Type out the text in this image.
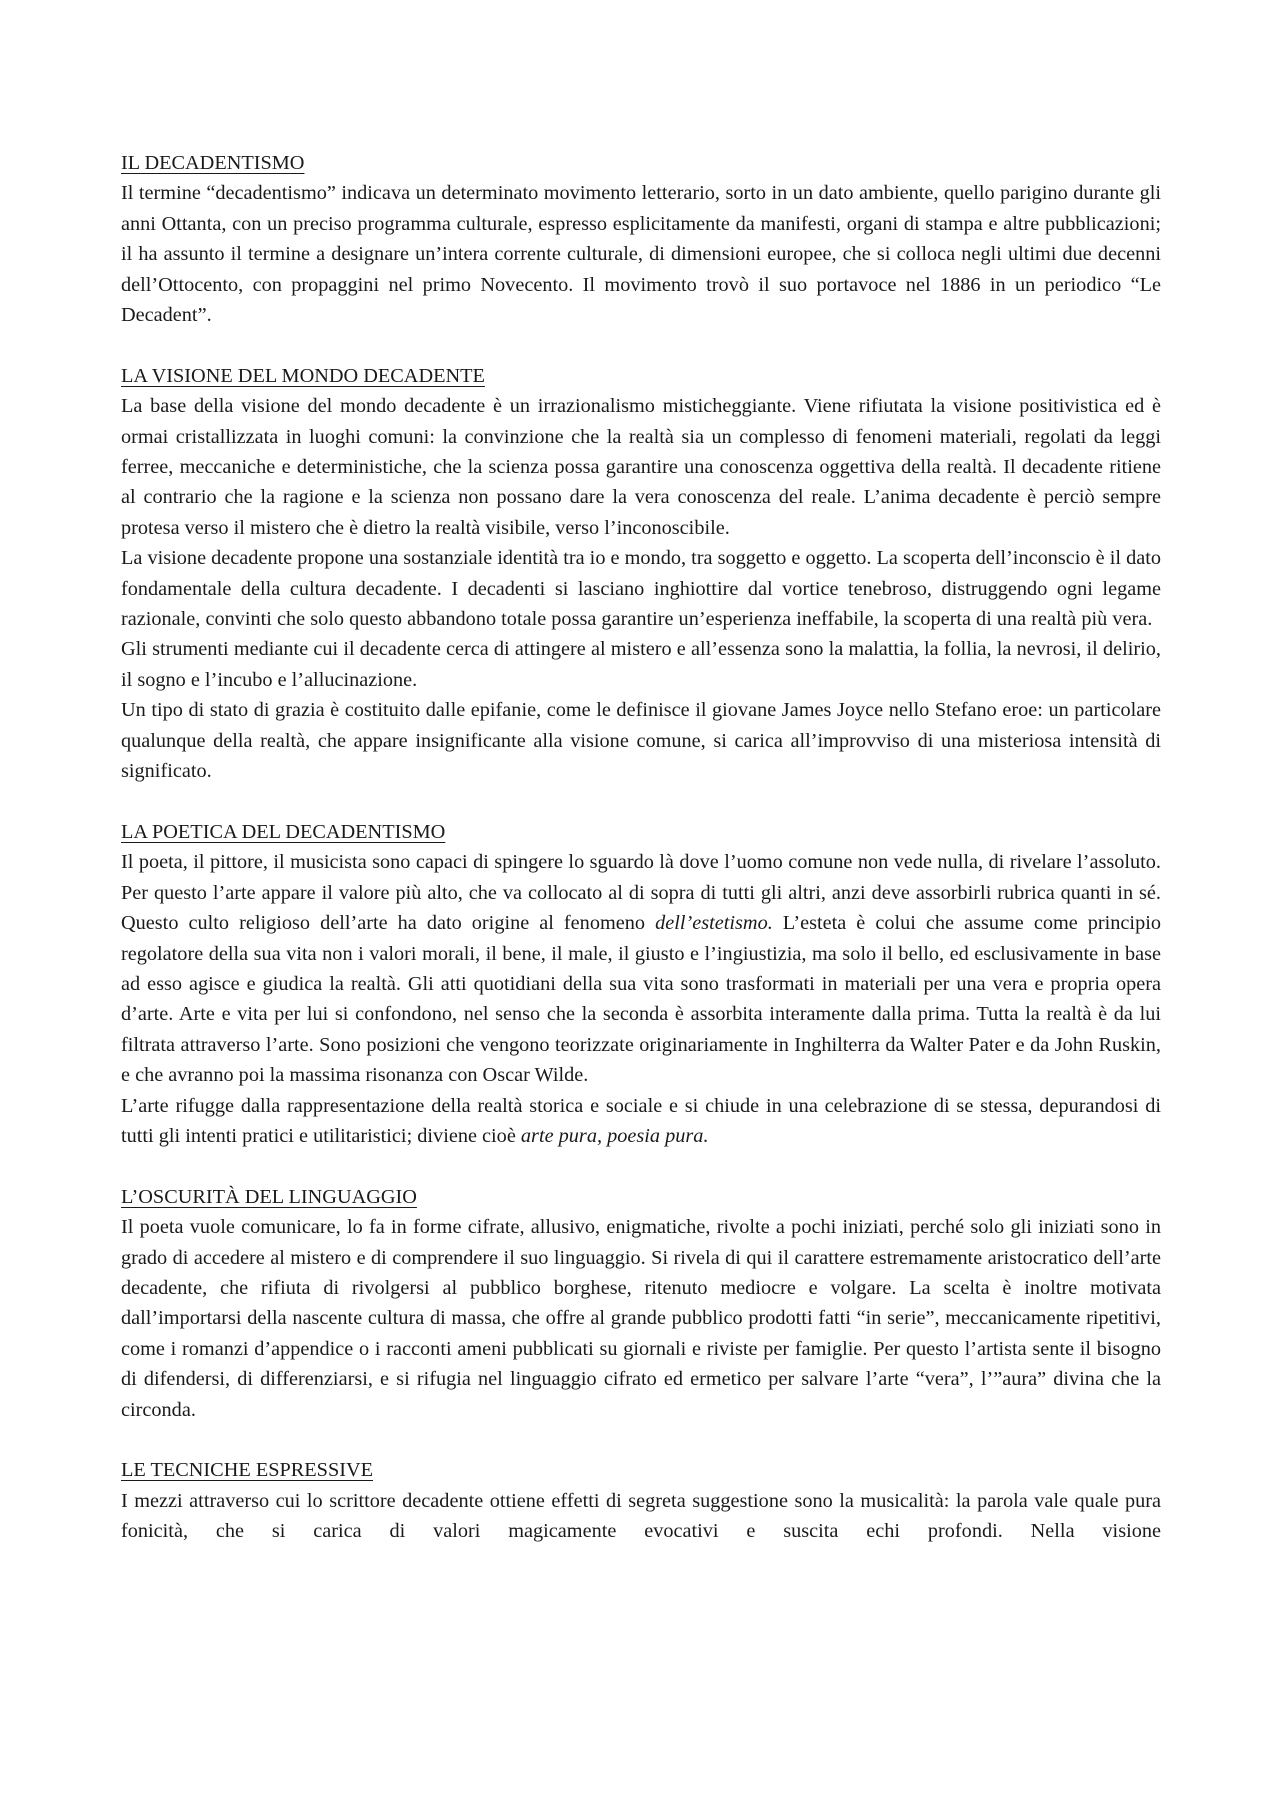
IL DECADENTISMO

Il termine “decadentismo” indicava un determinato movimento letterario, sorto in un dato ambiente, quello parigino durante gli anni Ottanta, con un preciso programma culturale, espresso esplicitamente da manifesti, organi di stampa e altre pubblicazioni; il ha assunto il termine a designare un’intera corrente culturale, di dimensioni europee, che si colloca negli ultimi due decenni dell’Ottocento, con propaggini nel primo Novecento. Il movimento trovò il suo portavoce nel 1886 in un periodico “Le Decadent”.

LA VISIONE DEL MONDO DECADENTE

La base della visione del mondo decadente è un irrazionalismo misticheggiante. Viene rifiutata la visione positivistica ed è ormai cristallizzata in luoghi comuni: la convinzione che la realtà sia un complesso di fenomeni materiali, regolati da leggi ferree, meccaniche e deterministiche, che la scienza possa garantire una conoscenza oggettiva della realtà. Il decadente ritiene al contrario che la ragione e la scienza non possano dare la vera conoscenza del reale. L’anima decadente è perciò sempre protesa verso il mistero che è dietro la realtà visibile, verso l’inconoscibile.

La visione decadente propone una sostanziale identità tra io e mondo, tra soggetto e oggetto. La scoperta dell’inconscio è il dato fondamentale della cultura decadente. I decadenti si lasciano inghiottire dal vortice tenebroso, distruggendo ogni legame razionale, convinti che solo questo abbandono totale possa garantire un’esperienza ineffabile, la scoperta di una realtà più vera.

Gli strumenti mediante cui il decadente cerca di attingere al mistero e all’essenza sono la malattia, la follia, la nevrosi, il delirio, il sogno e l’incubo e l’allucinazione.

Un tipo di stato di grazia è costituito dalle epifanie, come le definisce il giovane James Joyce nello Stefano eroe: un particolare qualunque della realtà, che appare insignificante alla visione comune, si carica all’improvviso di una misteriosa intensità di significato.

LA POETICA DEL DECADENTISMO

Il poeta, il pittore, il musicista sono capaci di spingere lo sguardo là dove l’uomo comune non vede nulla, di rivelare l’assoluto. Per questo l’arte appare il valore più alto, che va collocato al di sopra di tutti gli altri, anzi deve assorbirli rubrica quanti in sé. Questo culto religioso dell’arte ha dato origine al fenomeno dell’estetismo. L’esteta è colui che assume come principio regolatore della sua vita non i valori morali, il bene, il male, il giusto e l’ingiustizia, ma solo il bello, ed esclusivamente in base ad esso agisce e giudica la realtà. Gli atti quotidiani della sua vita sono trasformati in materiali per una vera e propria opera d’arte. Arte e vita per lui si confondono, nel senso che la seconda è assorbita interamente dalla prima. Tutta la realtà è da lui filtrata attraverso l’arte. Sono posizioni che vengono teorizzate originariamente in Inghilterra da Walter Pater e da John Ruskin, e che avranno poi la massima risonanza con Oscar Wilde.

L’arte rifugge dalla rappresentazione della realtà storica e sociale e si chiude in una celebrazione di se stessa, depurandosi di tutti gli intenti pratici e utilitaristici; diviene cioè arte pura, poesia pura.

L’OSCURITÀ DEL LINGUAGGIO

Il poeta vuole comunicare, lo fa in forme cifrate, allusivo, enigmatiche, rivolte a pochi iniziati, perché solo gli iniziati sono in grado di accedere al mistero e di comprendere il suo linguaggio. Si rivela di qui il carattere estremamente aristocratico dell’arte decadente, che rifiuta di rivolgersi al pubblico borghese, ritenuto mediocre e volgare. La scelta è inoltre motivata dall’importarsi della nascente cultura di massa, che offre al grande pubblico prodotti fatti “in serie”, meccanicamente ripetitivi, come i romanzi d’appendice o i racconti ameni pubblicati su giornali e riviste per famiglie. Per questo l’artista sente il bisogno di difendersi, di differenziarsi, e si rifugia nel linguaggio cifrato ed ermetico per salvare l’arte “vera”, l’”aura” divina che la circonda.

LE TECNICHE ESPRESSIVE

I mezzi attraverso cui lo scrittore decadente ottiene effetti di segreta suggestione sono la musicalità: la parola vale quale pura fonicità, che si carica di valori magicamente evocativi e suscita echi profondi. Nella visione
